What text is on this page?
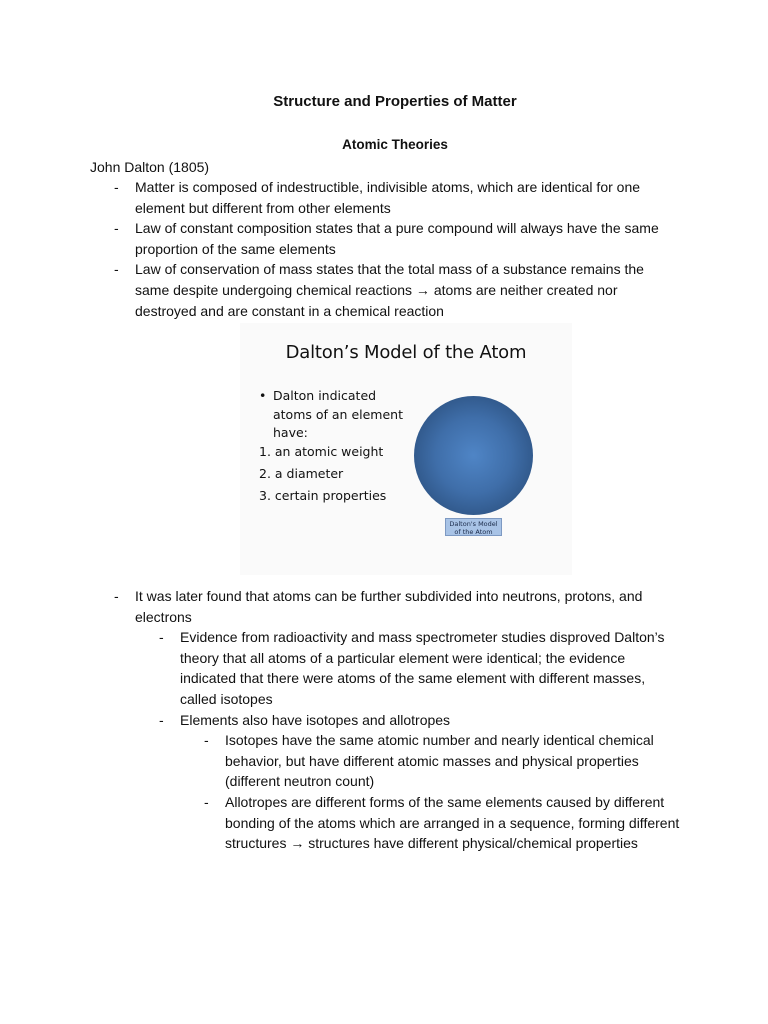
Structure and Properties of Matter
Atomic Theories
John Dalton (1805)
- Matter is composed of indestructible, indivisible atoms, which are identical for one element but different from other elements
- Law of constant composition states that a pure compound will always have the same proportion of the same elements
- Law of conservation of mass states that the total mass of a substance remains the same despite undergoing chemical reactions → atoms are neither created nor destroyed and are constant in a chemical reaction
Dalton’s Model of the Atom
• Dalton indicated atoms of an element have:
1. an atomic weight
2. a diameter
3. certain properties
Dalton's Model of the Atom
- It was later found that atoms can be further subdivided into neutrons, protons, and electrons
- Evidence from radioactivity and mass spectrometer studies disproved Dalton’s theory that all atoms of a particular element were identical; the evidence indicated that there were atoms of the same element with different masses, called isotopes
- Elements also have isotopes and allotropes
- Isotopes have the same atomic number and nearly identical chemical behavior, but have different atomic masses and physical properties (different neutron count)
- Allotropes are different forms of the same elements caused by different bonding of the atoms which are arranged in a sequence, forming different structures → structures have different physical/chemical properties
